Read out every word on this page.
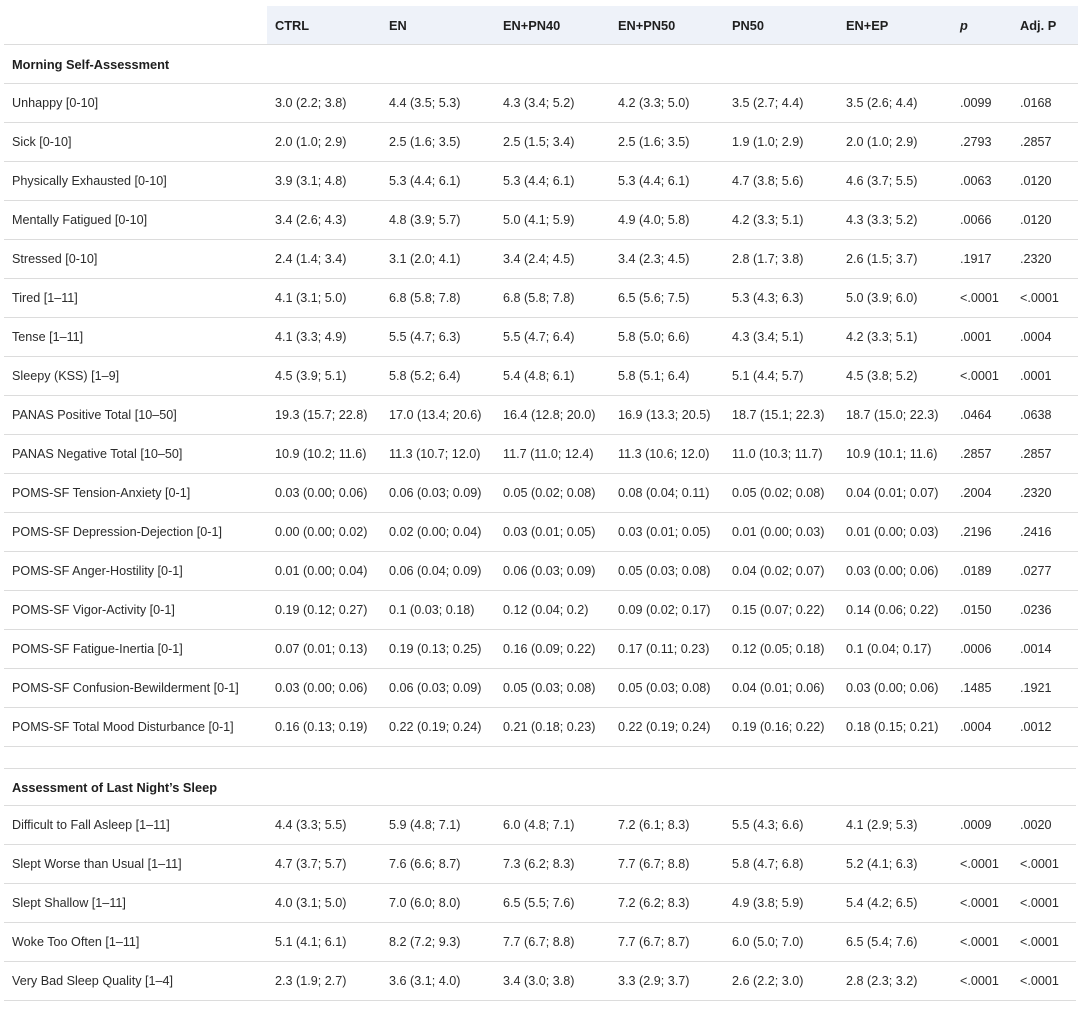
	CTRL	EN	EN+PN40	EN+PN50	PN50	EN+EP	p	Adj. P
Morning Self-Assessment								
Unhappy [0-10]	3.0 (2.2; 3.8)	4.4 (3.5; 5.3)	4.3 (3.4; 5.2)	4.2 (3.3; 5.0)	3.5 (2.7; 4.4)	3.5 (2.6; 4.4)	.0099	.0168
Sick [0-10]	2.0 (1.0; 2.9)	2.5 (1.6; 3.5)	2.5 (1.5; 3.4)	2.5 (1.6; 3.5)	1.9 (1.0; 2.9)	2.0 (1.0; 2.9)	.2793	.2857
Physically Exhausted [0-10]	3.9 (3.1; 4.8)	5.3 (4.4; 6.1)	5.3 (4.4; 6.1)	5.3 (4.4; 6.1)	4.7 (3.8; 5.6)	4.6 (3.7; 5.5)	.0063	.0120
Mentally Fatigued [0-10]	3.4 (2.6; 4.3)	4.8 (3.9; 5.7)	5.0 (4.1; 5.9)	4.9 (4.0; 5.8)	4.2 (3.3; 5.1)	4.3 (3.3; 5.2)	.0066	.0120
Stressed [0-10]	2.4 (1.4; 3.4)	3.1 (2.0; 4.1)	3.4 (2.4; 4.5)	3.4 (2.3; 4.5)	2.8 (1.7; 3.8)	2.6 (1.5; 3.7)	.1917	.2320
Tired [1–11]	4.1 (3.1; 5.0)	6.8 (5.8; 7.8)	6.8 (5.8; 7.8)	6.5 (5.6; 7.5)	5.3 (4.3; 6.3)	5.0 (3.9; 6.0)	<.0001	<.0001
Tense [1–11]	4.1 (3.3; 4.9)	5.5 (4.7; 6.3)	5.5 (4.7; 6.4)	5.8 (5.0; 6.6)	4.3 (3.4; 5.1)	4.2 (3.3; 5.1)	.0001	.0004
Sleepy (KSS) [1–9]	4.5 (3.9; 5.1)	5.8 (5.2; 6.4)	5.4 (4.8; 6.1)	5.8 (5.1; 6.4)	5.1 (4.4; 5.7)	4.5 (3.8; 5.2)	<.0001	.0001
PANAS Positive Total [10–50]	19.3 (15.7; 22.8)	17.0 (13.4; 20.6)	16.4 (12.8; 20.0)	16.9 (13.3; 20.5)	18.7 (15.1; 22.3)	18.7 (15.0; 22.3)	.0464	.0638
PANAS Negative Total [10–50]	10.9 (10.2; 11.6)	11.3 (10.7; 12.0)	11.7 (11.0; 12.4)	11.3 (10.6; 12.0)	11.0 (10.3; 11.7)	10.9 (10.1; 11.6)	.2857	.2857
POMS-SF Tension-Anxiety [0-1]	0.03 (0.00; 0.06)	0.06 (0.03; 0.09)	0.05 (0.02; 0.08)	0.08 (0.04; 0.11)	0.05 (0.02; 0.08)	0.04 (0.01; 0.07)	.2004	.2320
POMS-SF Depression-Dejection [0-1]	0.00 (0.00; 0.02)	0.02 (0.00; 0.04)	0.03 (0.01; 0.05)	0.03 (0.01; 0.05)	0.01 (0.00; 0.03)	0.01 (0.00; 0.03)	.2196	.2416
POMS-SF Anger-Hostility [0-1]	0.01 (0.00; 0.04)	0.06 (0.04; 0.09)	0.06 (0.03; 0.09)	0.05 (0.03; 0.08)	0.04 (0.02; 0.07)	0.03 (0.00; 0.06)	.0189	.0277
POMS-SF Vigor-Activity [0-1]	0.19 (0.12; 0.27)	0.1 (0.03; 0.18)	0.12 (0.04; 0.2)	0.09 (0.02; 0.17)	0.15 (0.07; 0.22)	0.14 (0.06; 0.22)	.0150	.0236
POMS-SF Fatigue-Inertia [0-1]	0.07 (0.01; 0.13)	0.19 (0.13; 0.25)	0.16 (0.09; 0.22)	0.17 (0.11; 0.23)	0.12 (0.05; 0.18)	0.1 (0.04; 0.17)	.0006	.0014
POMS-SF Confusion-Bewilderment [0-1]	0.03 (0.00; 0.06)	0.06 (0.03; 0.09)	0.05 (0.03; 0.08)	0.05 (0.03; 0.08)	0.04 (0.01; 0.06)	0.03 (0.00; 0.06)	.1485	.1921
POMS-SF Total Mood Disturbance [0-1]	0.16 (0.13; 0.19)	0.22 (0.19; 0.24)	0.21 (0.18; 0.23)	0.22 (0.19; 0.24)	0.19 (0.16; 0.22)	0.18 (0.15; 0.21)	.0004	.0012
Assessment of Last Night’s Sleep								
Difficult to Fall Asleep [1–11]	4.4 (3.3; 5.5)	5.9 (4.8; 7.1)	6.0 (4.8; 7.1)	7.2 (6.1; 8.3)	5.5 (4.3; 6.6)	4.1 (2.9; 5.3)	.0009	.0020
Slept Worse than Usual [1–11]	4.7 (3.7; 5.7)	7.6 (6.6; 8.7)	7.3 (6.2; 8.3)	7.7 (6.7; 8.8)	5.8 (4.7; 6.8)	5.2 (4.1; 6.3)	<.0001	<.0001
Slept Shallow [1–11]	4.0 (3.1; 5.0)	7.0 (6.0; 8.0)	6.5 (5.5; 7.6)	7.2 (6.2; 8.3)	4.9 (3.8; 5.9)	5.4 (4.2; 6.5)	<.0001	<.0001
Woke Too Often [1–11]	5.1 (4.1; 6.1)	8.2 (7.2; 9.3)	7.7 (6.7; 8.8)	7.7 (6.7; 8.7)	6.0 (5.0; 7.0)	6.5 (5.4; 7.6)	<.0001	<.0001
Very Bad Sleep Quality [1–4]	2.3 (1.9; 2.7)	3.6 (3.1; 4.0)	3.4 (3.0; 3.8)	3.3 (2.9; 3.7)	2.6 (2.2; 3.0)	2.8 (2.3; 3.2)	<.0001	<.0001
